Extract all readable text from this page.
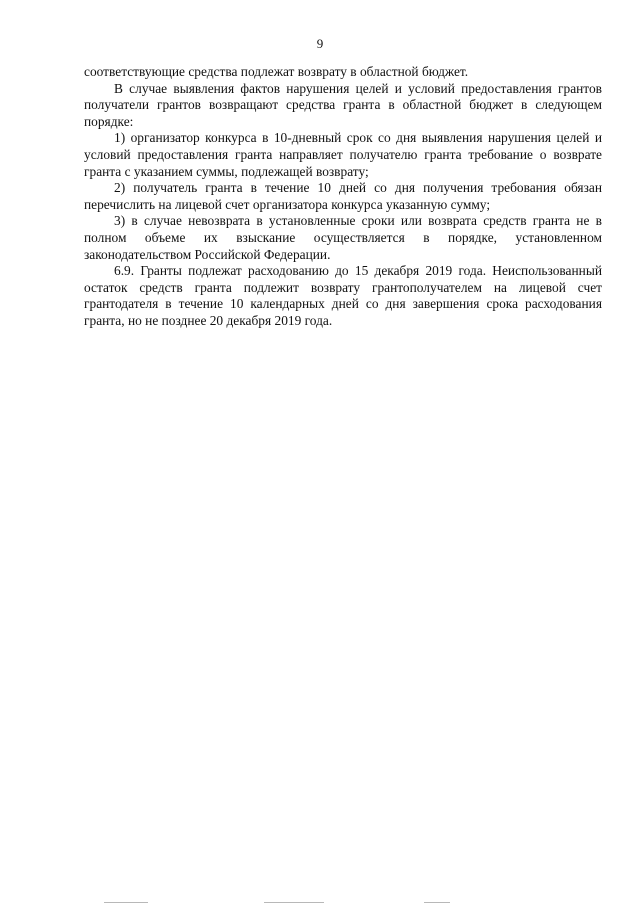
9

соответствующие средства подлежат возврату в областной бюджет.

В случае выявления фактов нарушения целей и условий предоставления грантов получатели грантов возвращают средства гранта в областной бюджет в следующем порядке:

1) организатор конкурса в 10-дневный срок со дня выявления нарушения целей и условий предоставления гранта направляет получателю гранта требование о возврате гранта с указанием суммы, подлежащей возврату;

2) получатель гранта в течение 10 дней со дня получения требования обязан перечислить на лицевой счет организатора конкурса указанную сумму;

3) в случае невозврата в установленные сроки или возврата средств гранта не в полном объеме их взыскание осуществляется в порядке, установленном законодательством Российской Федерации.

6.9. Гранты подлежат расходованию до 15 декабря 2019 года. Неиспользованный остаток средств гранта подлежит возврату грантополучателем на лицевой счет грантодателя в течение 10 календарных дней со дня завершения срока расходования гранта, но не позднее 20 декабря 2019 года.
